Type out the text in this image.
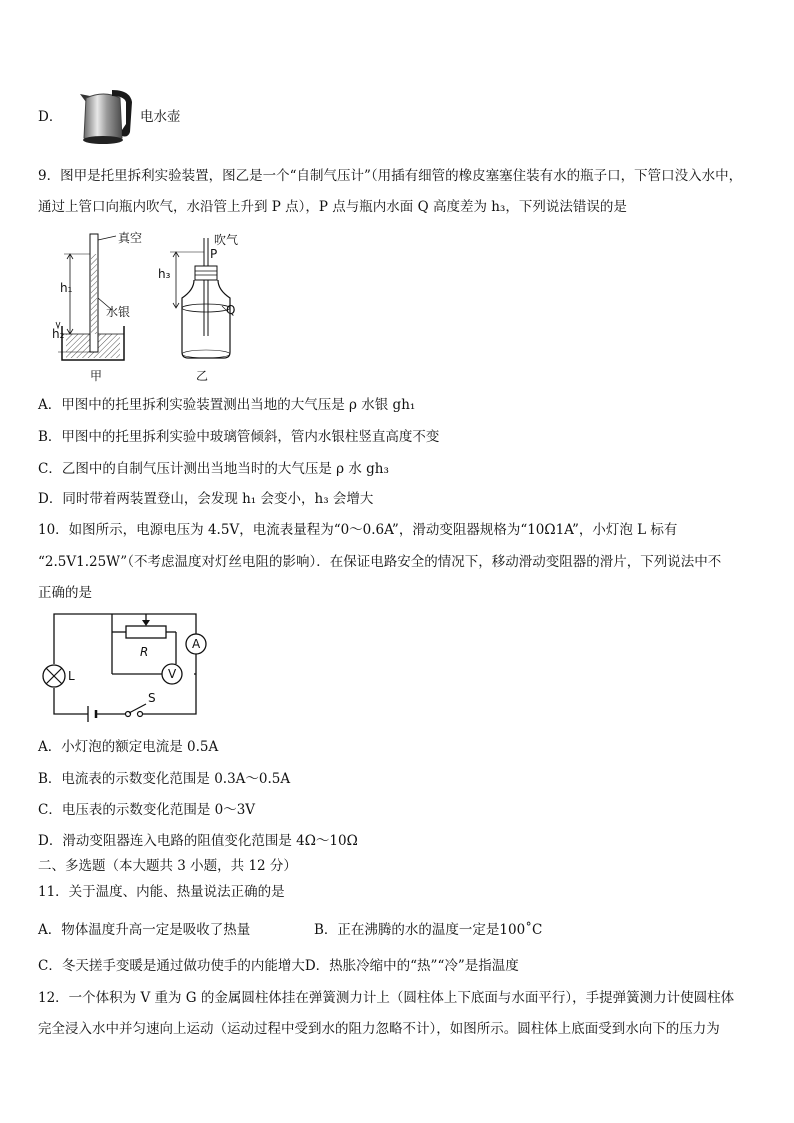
D．	电水壶
9．图甲是托里拆利实验装置，图乙是一个“自制气压计”（用插有细管的橡皮塞塞住装有水的瓶子口，下管口没入水中，
通过上管口向瓶内吹气，水沿管上升到 P 点），P 点与瓶内水面 Q 高度差为 h₃，下列说法错误的是
真空
水银
h₁
h₂
甲
吹气
P
Q
h₃
乙
A．甲图中的托里拆利实验装置测出当地的大气压是 ρ 水银 gh₁
B．甲图中的托里拆利实验中玻璃管倾斜，管内水银柱竖直高度不变
C．乙图中的自制气压计测出当地当时的大气压是 ρ 水 gh₃
D．同时带着两装置登山，会发现 h₁ 会变小，h₃ 会增大
10．如图所示，电源电压为 4.5V，电流表量程为“0～0.6A”，滑动变阻器规格为“10Ω1A”，小灯泡 L 标有
“2.5V1.25W”（不考虑温度对灯丝电阻的影响）．在保证电路安全的情况下，移动滑动变阻器的滑片，下列说法中不
正确的是
R
A
V
L
S
A．小灯泡的额定电流是 0.5A
B．电流表的示数变化范围是 0.3A～0.5A
C．电压表的示数变化范围是 0～3V
D．滑动变阻器连入电路的阻值变化范围是 4Ω～10Ω
二、多选题（本大题共 3 小题，共 12 分）
11．关于温度、内能、热量说法正确的是
A．物体温度升高一定是吸收了热量	B．正在沸腾的水的温度一定是100˚C
C．冬天搓手变暖是通过做功使手的内能增大D．热胀冷缩中的“热”“冷”是指温度
12．一个体积为 V 重为 G 的金属圆柱体挂在弹簧测力计上（圆柱体上下底面与水面平行），手提弹簧测力计使圆柱体
完全浸入水中并匀速向上运动（运动过程中受到水的阻力忽略不计），如图所示。圆柱体上底面受到水向下的压力为
